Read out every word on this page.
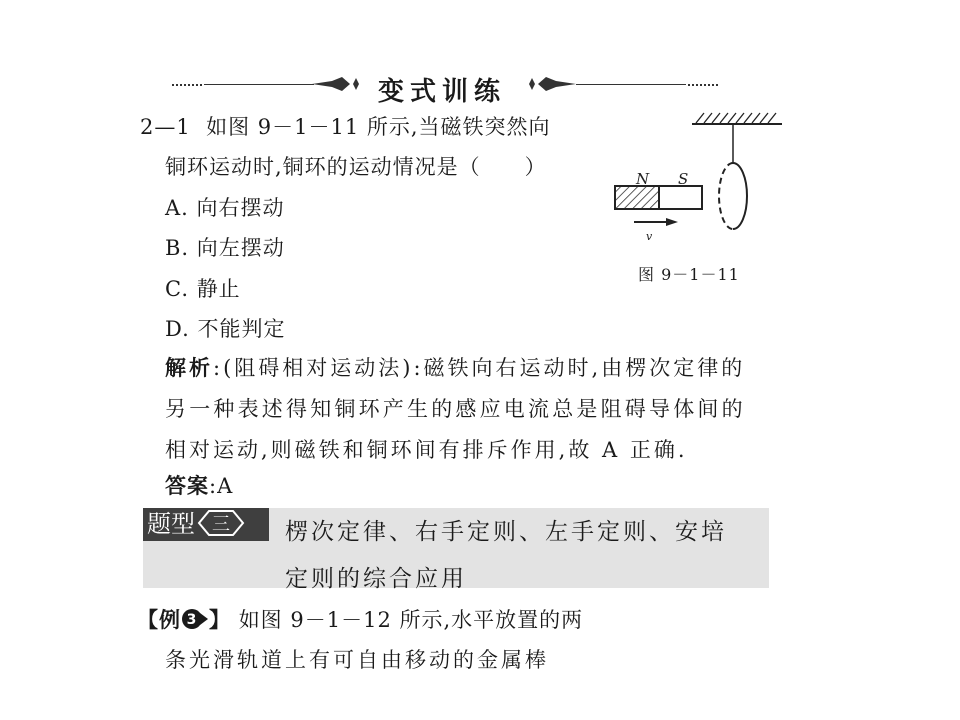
变式训练
2—1 如图 9－1－11 所示,当磁铁突然向
铜环运动时,铜环的运动情况是（　　）
A. 向右摆动
B. 向左摆动
C. 静止
D. 不能判定
N S
v
图 9－1－11
解析:(阻碍相对运动法):磁铁向右运动时,由楞次定律的
另一种表述得知铜环产生的感应电流总是阻碍导体间的
相对运动,则磁铁和铜环间有排斥作用,故 A 正确.
答案:A
题型 三 楞次定律、右手定则、左手定则、安培
定则的综合应用
【例 3 】 如图 9－1－12 所示,水平放置的两
条光滑轨道上有可自由移动的金属棒
